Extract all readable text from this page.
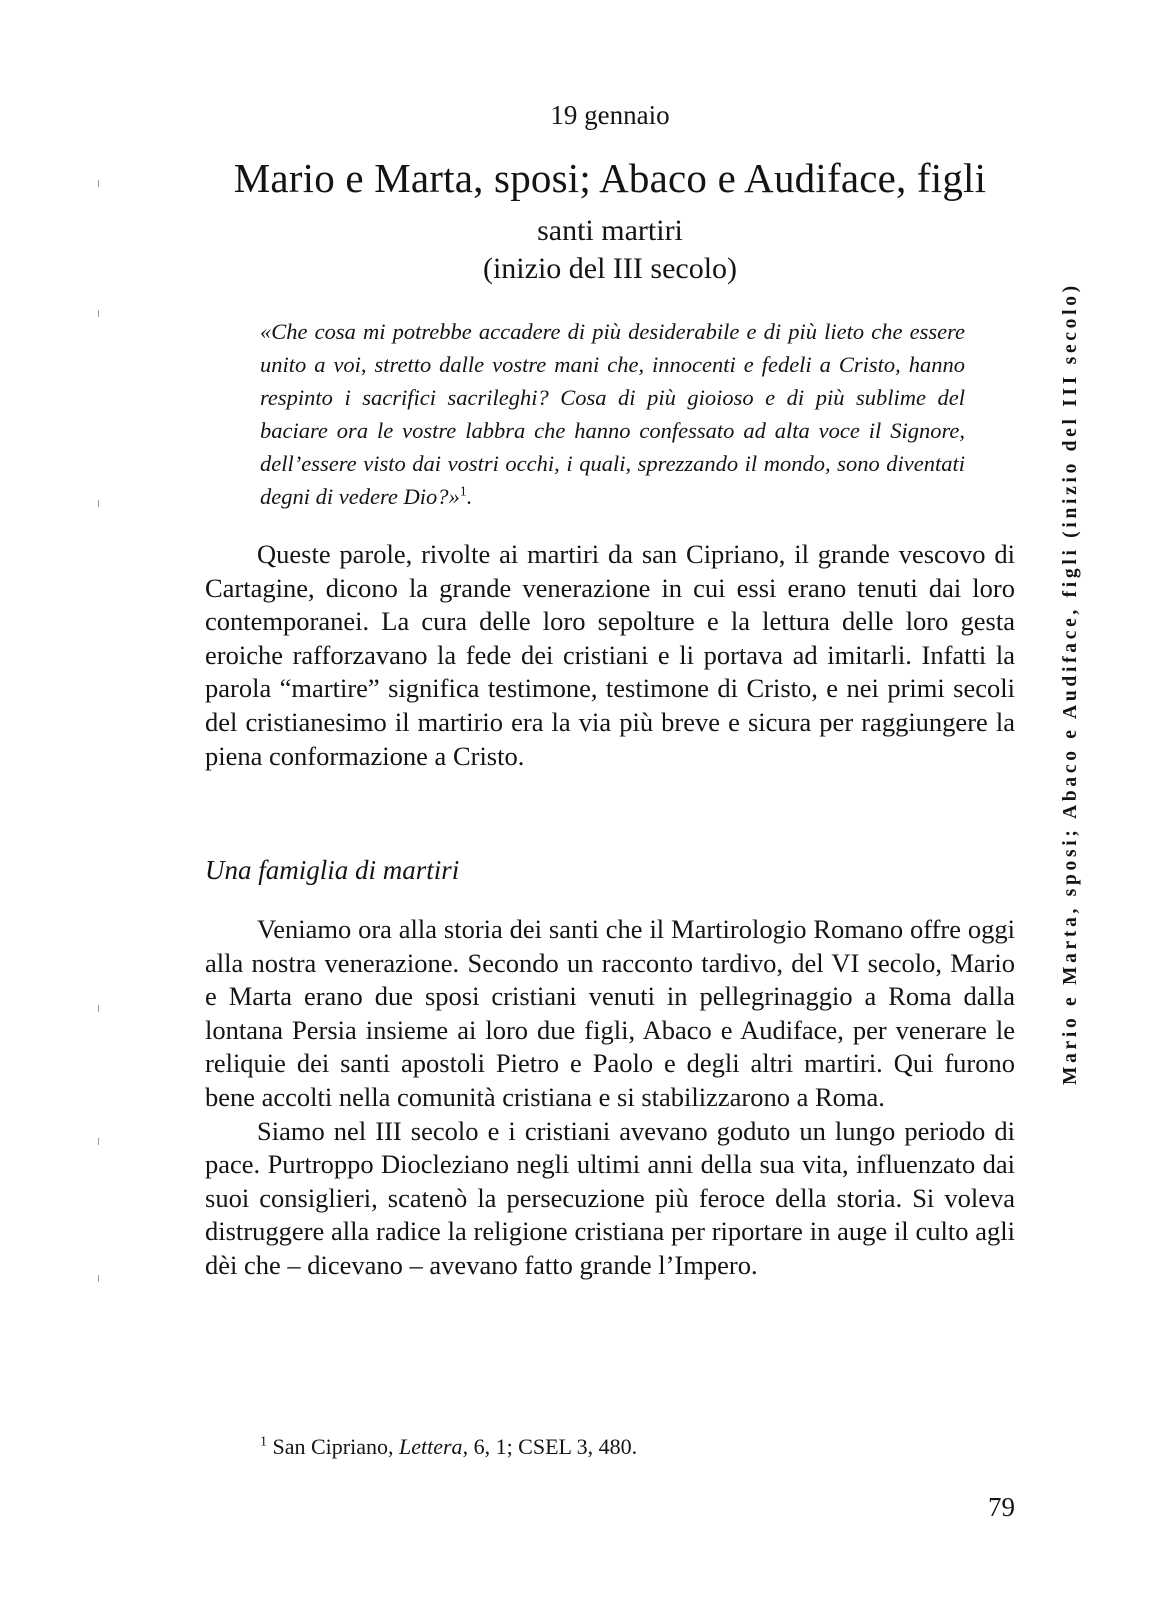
19 gennaio
Mario e Marta, sposi; Abaco e Audiface, figli
santi martiri
(inizio del III secolo)
«Che cosa mi potrebbe accadere di più desiderabile e di più lieto che essere unito a voi, stretto dalle vostre mani che, innocenti e fedeli a Cristo, hanno respinto i sacrifici sacrileghi? Cosa di più gioioso e di più sublime del baciare ora le vostre labbra che hanno confessato ad alta voce il Signore, dell’essere visto dai vostri occhi, i quali, sprezzando il mondo, sono diventati degni di vedere Dio?»$^1$.

Queste parole, rivolte ai martiri da san Cipriano, il grande vescovo di Cartagine, dicono la grande venerazione in cui essi erano tenuti dai loro contemporanei. La cura delle loro sepolture e la lettura delle loro gesta eroiche rafforzavano la fede dei cristiani e li portava ad imitarli. Infatti la parola “martire” significa testimone, testimone di Cristo, e nei primi secoli del cristianesimo il martirio era la via più breve e sicura per raggiungere la piena conformazione a Cristo.

Una famiglia di martiri

Veniamo ora alla storia dei santi che il Martirologio Romano offre oggi alla nostra venerazione. Secondo un racconto tardivo, del VI secolo, Mario e Marta erano due sposi cristiani venuti in pellegrinaggio a Roma dalla lontana Persia insieme ai loro due figli, Abaco e Audiface, per venerare le reliquie dei santi apostoli Pietro e Paolo e degli altri martiri. Qui furono bene accolti nella comunità cristiana e si stabilizzarono a Roma.

Siamo nel III secolo e i cristiani avevano goduto un lungo periodo di pace. Purtroppo Diocleziano negli ultimi anni della sua vita, influenzato dai suoi consiglieri, scatenò la persecuzione più feroce della storia. Si voleva distruggere alla radice la religione cristiana per riportare in auge il culto agli dèi che – dicevano – avevano fatto grande l’Impero.

$^1$ San Cipriano, Lettera, 6, 1; CSEL 3, 480.
79
Mario e Marta, sposi; Abaco e Audiface, figli (inizio del III secolo)
